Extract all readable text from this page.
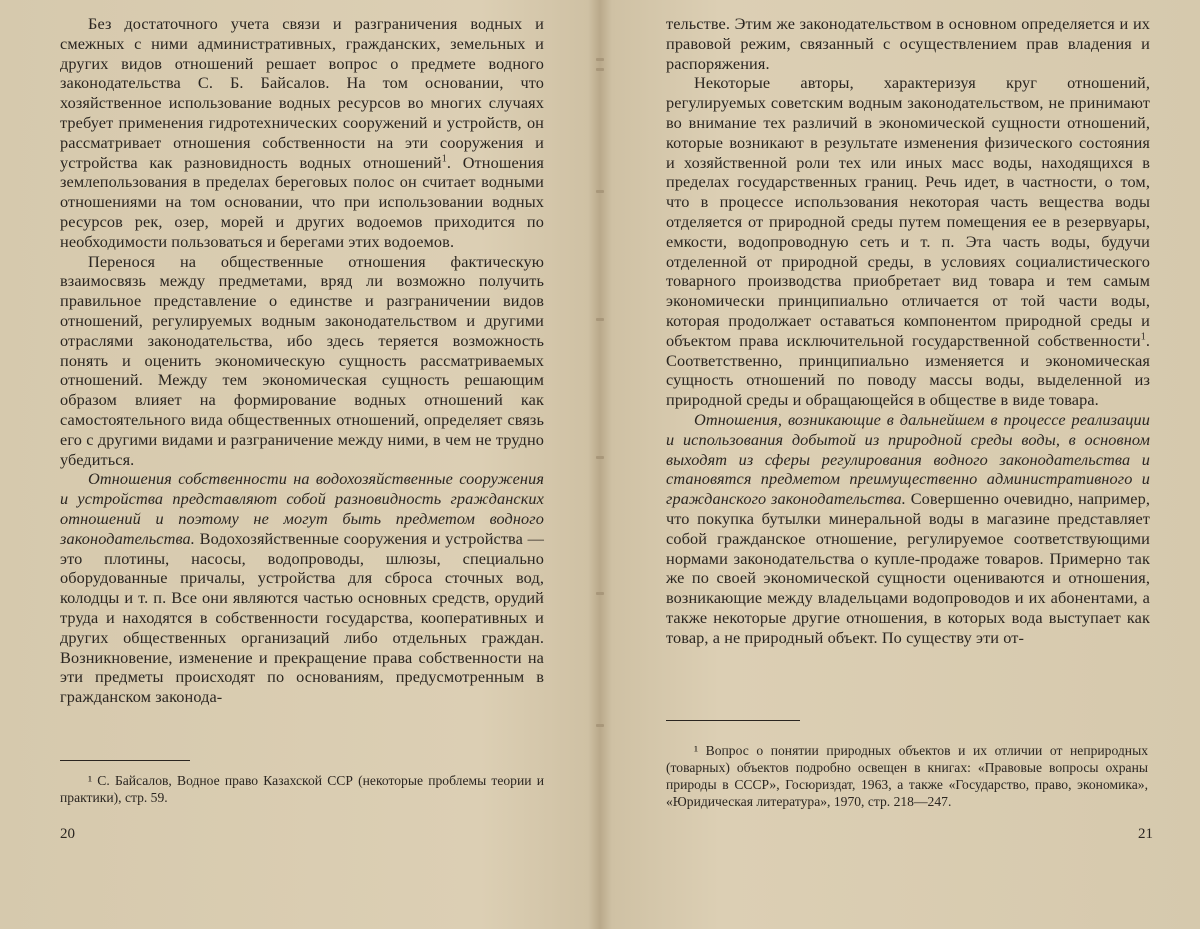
Без достаточного учета связи и разграничения водных и смежных с ними административных, гражданских, земельных и других видов отношений решает вопрос о предмете водного законодательства С. Б. Байсалов. На том основании, что хозяйственное использование водных ресурсов во многих случаях требует применения гидротехнических сооружений и устройств, он рассматривает отношения собственности на эти сооружения и устройства как разновидность водных отношений$^1$. Отношения землепользования в пределах береговых полос он считает водными отношениями на том основании, что при использовании водных ресурсов рек, озер, морей и других водоемов приходится по необходимости пользоваться и берегами этих водоемов.

Перенося на общественные отношения фактическую взаимосвязь между предметами, вряд ли возможно получить правильное представление о единстве и разграничении видов отношений, регулируемых водным законодательством и другими отраслями законодательства, ибо здесь теряется возможность понять и оценить экономическую сущность рассматриваемых отношений. Между тем экономическая сущность решающим образом влияет на формирование водных отношений как самостоятельного вида общественных отношений, определяет связь его с другими видами и разграничение между ними, в чем не трудно убедиться.

Отношения собственности на водохозяйственные сооружения и устройства представляют собой разновидность гражданских отношений и поэтому не могут быть предметом водного законодательства. Водохозяйственные сооружения и устройства — это плотины, насосы, водопроводы, шлюзы, специально оборудованные причалы, устройства для сброса сточных вод, колодцы и т. п. Все они являются частью основных средств, орудий труда и находятся в собственности государства, кооперативных и других общественных организаций либо отдельных граждан. Возникновение, изменение и прекращение права собственности на эти предметы происходят по основаниям, предусмотренным в гражданском законода-

¹ С. Байсалов, Водное право Казахской ССР (некоторые проблемы теории и практики), стр. 59.

20

тельстве. Этим же законодательством в основном определяется и их правовой режим, связанный с осуществлением прав владения и распоряжения.

Некоторые авторы, характеризуя круг отношений, регулируемых советским водным законодательством, не принимают во внимание тех различий в экономической сущности отношений, которые возникают в результате изменения физического состояния и хозяйственной роли тех или иных масс воды, находящихся в пределах государственных границ. Речь идет, в частности, о том, что в процессе использования некоторая часть вещества воды отделяется от природной среды путем помещения ее в резервуары, емкости, водопроводную сеть и т. п. Эта часть воды, будучи отделенной от природной среды, в условиях социалистического товарного производства приобретает вид товара и тем самым экономически принципиально отличается от той части воды, которая продолжает оставаться компонентом природной среды и объектом права исключительной государственной собственности$^1$. Соответственно, принципиально изменяется и экономическая сущность отношений по поводу массы воды, выделенной из природной среды и обращающейся в обществе в виде товара.

Отношения, возникающие в дальнейшем в процессе реализации и использования добытой из природной среды воды, в основном выходят из сферы регулирования водного законодательства и становятся предметом преимущественно административного и гражданского законодательства. Совершенно очевидно, например, что покупка бутылки минеральной воды в магазине представляет собой гражданское отношение, регулируемое соответствующими нормами законодательства о купле-продаже товаров. Примерно так же по своей экономической сущности оцениваются и отношения, возникающие между владельцами водопроводов и их абонентами, а также некоторые другие отношения, в которых вода выступает как товар, а не природный объект. По существу эти от-

¹ Вопрос о понятии природных объектов и их отличии от неприродных (товарных) объектов подробно освещен в книгах: «Правовые вопросы охраны природы в СССР», Госюриздат, 1963, а также «Государство, право, экономика», «Юридическая литература», 1970, стр. 218—247.

21
